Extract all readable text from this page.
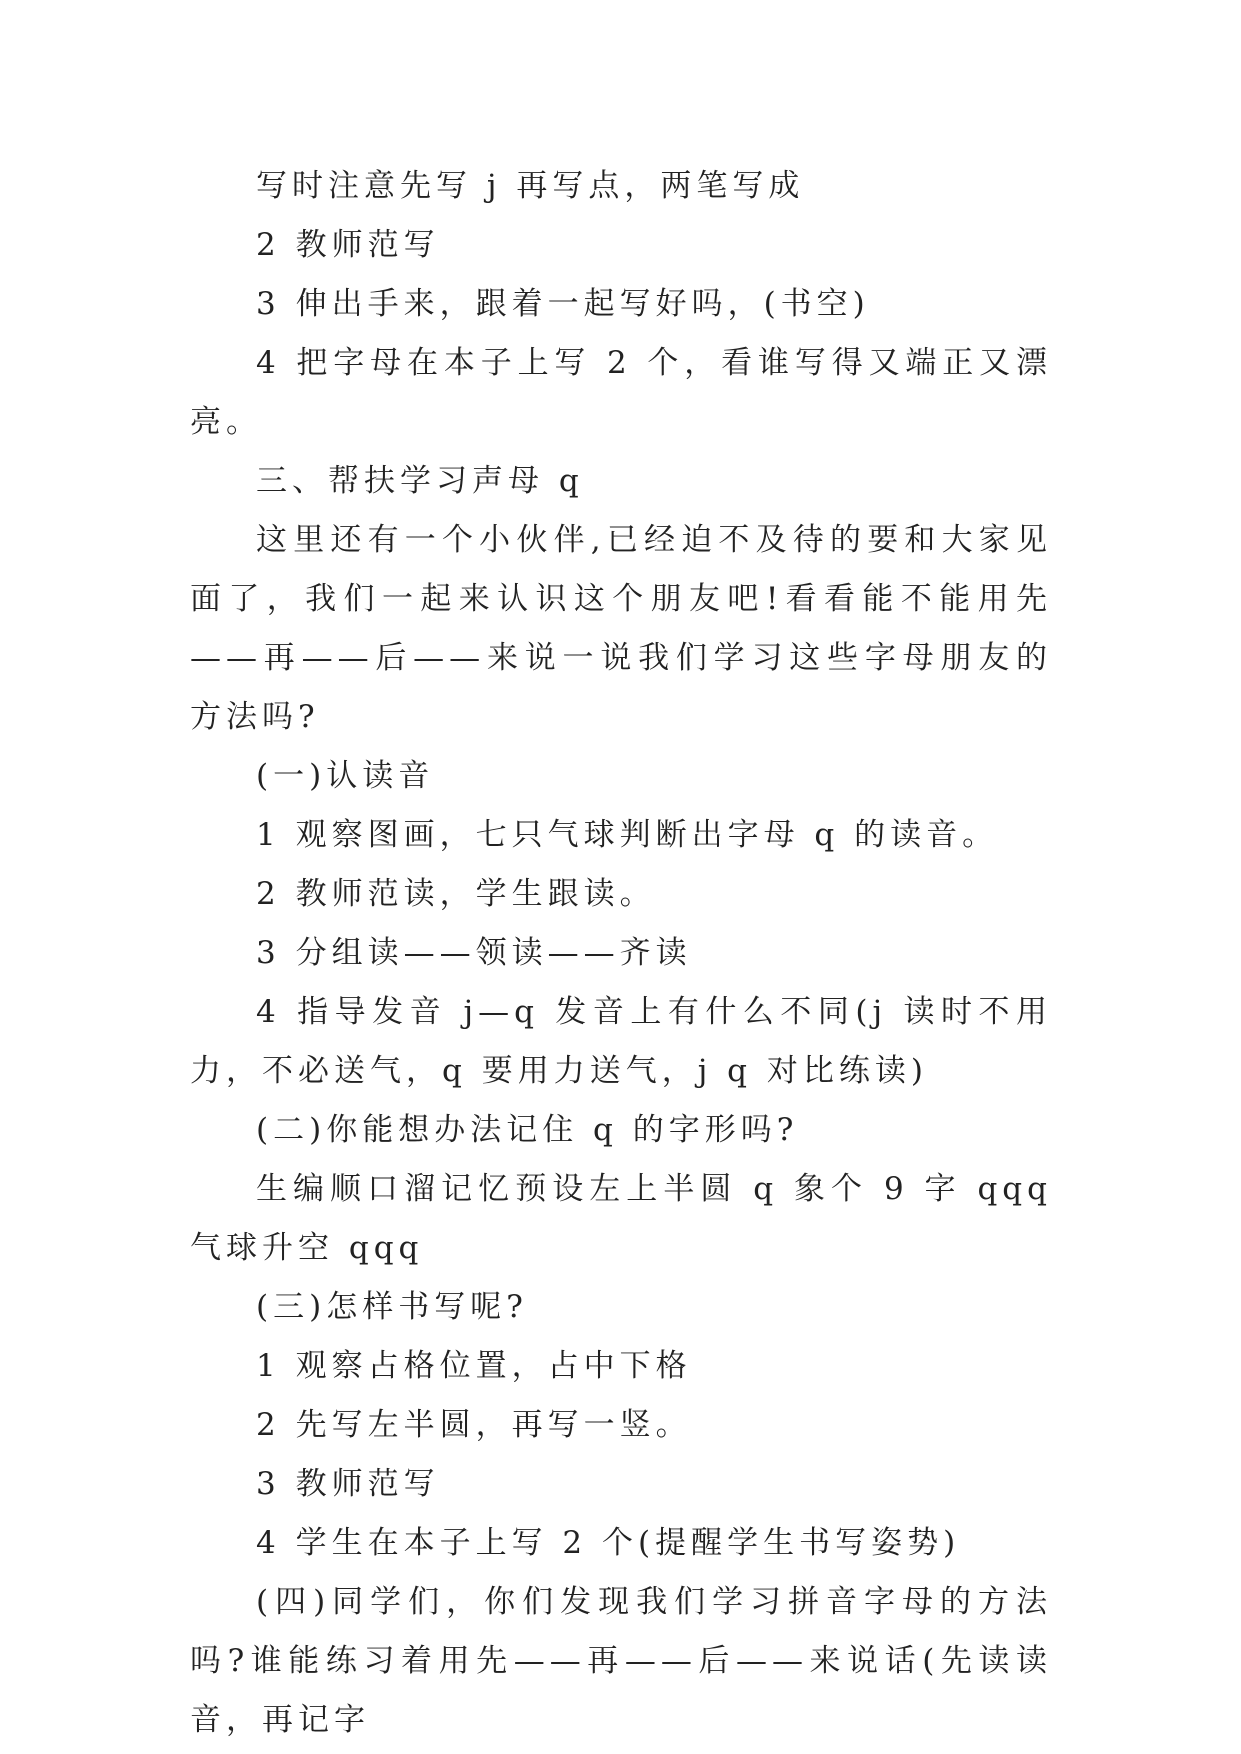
写时注意先写 j 再写点，两笔写成

2 教师范写

3 伸出手来，跟着一起写好吗，(书空)

4 把字母在本子上写 2 个，看谁写得又端正又漂亮。

三、帮扶学习声母 q

这里还有一个小伙伴,已经迫不及待的要和大家见面了，我们一起来认识这个朋友吧!看看能不能用先——再——后——来说一说我们学习这些字母朋友的方法吗?

(一)认读音

1 观察图画，七只气球判断出字母 q 的读音。

2 教师范读，学生跟读。

3 分组读——领读——齐读

4 指导发音 j—q 发音上有什么不同(j 读时不用力，不必送气，q 要用力送气，j q 对比练读)

(二)你能想办法记住 q 的字形吗?

生编顺口溜记忆预设左上半圆 q 象个 9 字 qqq 气球升空 qqq

(三)怎样书写呢?

1 观察占格位置，占中下格

2 先写左半圆，再写一竖。

3 教师范写

4 学生在本子上写 2 个(提醒学生书写姿势)

(四)同学们，你们发现我们学习拼音字母的方法吗?谁能练习着用先——再——后——来说话(先读读音，再记字
